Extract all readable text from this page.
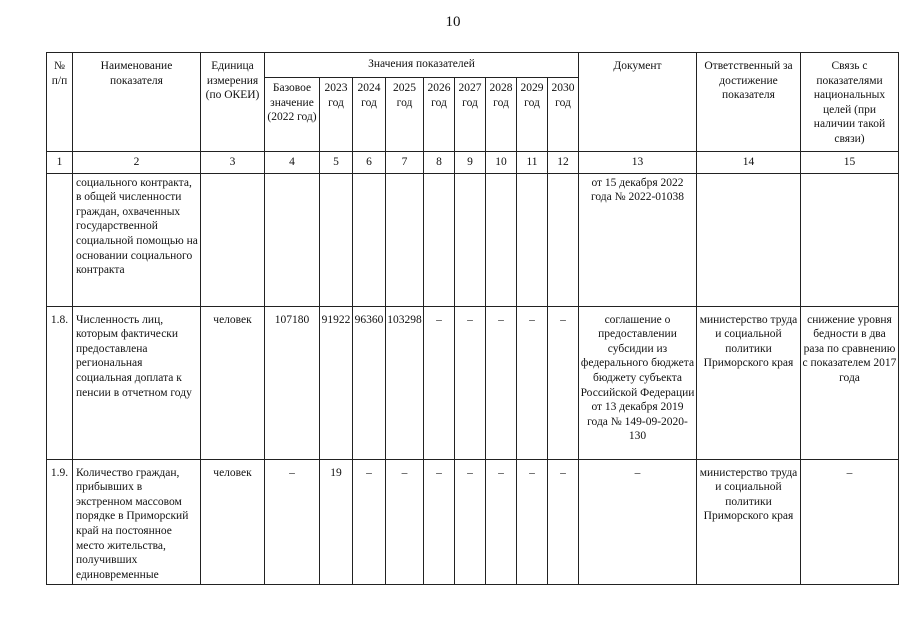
10
№ п/п	Наименование показателя	Единица измерения (по ОКЕИ)	Значения показателей									Документ	Ответственный за достижение показателя	Связь с показателями национальных целей (при наличии такой связи)
			Базовое значение (2022 год)	2023 год	2024 год	2025 год	2026 год	2027 год	2028 год	2029 год	2030 год			
1	2	3	4	5	6	7	8	9	10	11	12	13	14	15
	социального контракта, в общей численности граждан, охваченных государственной социальной помощью на основании социального контракта											от 15 декабря 2022 года № 2022-01038		
1.8.	Численность лиц, которым фактически предоставлена региональная социальная доплата к пенсии в отчетном году	человек	107180	91922	96360	103298	–	–	–	–	–	соглашение о предоставлении субсидии из федерального бюджета бюджету субъекта Российской Федерации от 13 декабря 2019 года № 149-09-2020-130	министерство труда и социальной политики Приморского края	снижение уровня бедности в два раза по сравнению с показателем 2017 года
1.9.	Количество граждан, прибывших в экстренном массовом порядке в Приморский край на постоянное место жительства, получивших единовременные	человек	–	19	–	–	–	–	–	–	–	–	министерство труда и социальной политики Приморского края	–
